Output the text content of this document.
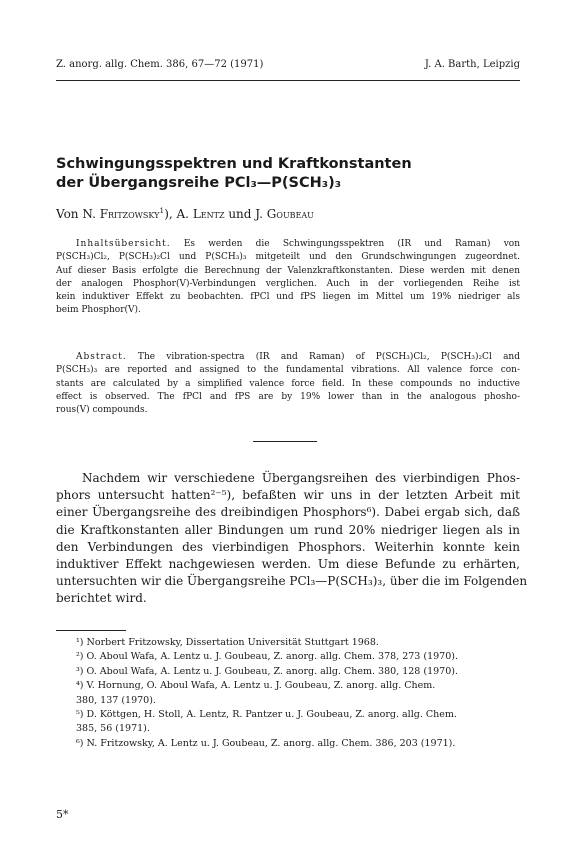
Z. anorg. allg. Chem. 386, 67—72 (1971)	J. A. Barth, Leipzig
Schwingungsspektren und Kraftkonstanten
der Übergangsreihe PCl₃—P(SCH₃)₃
Von N. Fritzowsky$^1$), A. Lentz und J. Goubeau
Inhaltsübersicht. Es werden die Schwingungsspektren (IR und Raman) von
P(SCH₃)Cl₂, P(SCH₃)₂Cl und P(SCH₃)₃ mitgeteilt und den Grundschwingungen zugeordnet.
Auf dieser Basis erfolgte die Berechnung der Valenzkraftkonstanten. Diese werden mit denen
der analogen Phosphor(V)-Verbindungen verglichen. Auch in der vorliegenden Reihe ist
kein induktiver Effekt zu beobachten. fPCl und fPS liegen im Mittel um 19% niedriger als
beim Phosphor(V).
Abstract. The vibration-spectra (IR and Raman) of P(SCH₃)Cl₂, P(SCH₃)₂Cl and
P(SCH₃)₃ are reported and assigned to the fundamental vibrations. All valence force con-
stants are calculated by a simplified valence force field. In these compounds no inductive
effect is observed. The fPCl and fPS are by 19% lower than in the analogous phosho-
rous(V) compounds.
Nachdem wir verschiedene Übergangsreihen des vierbindigen Phos-
phors untersucht hatten²⁻⁵), befaßten wir uns in der letzten Arbeit mit
einer Übergangsreihe des dreibindigen Phosphors⁶). Dabei ergab sich, daß
die Kraftkonstanten aller Bindungen um rund 20% niedriger liegen als in
den Verbindungen des vierbindigen Phosphors. Weiterhin konnte kein
induktiver Effekt nachgewiesen werden. Um diese Befunde zu erhärten,
untersuchten wir die Übergangsreihe PCl₃—P(SCH₃)₃, über die im Folgenden
berichtet wird.
¹) Norbert Fritzowsky, Dissertation Universität Stuttgart 1968.
²) O. Aboul Wafa, A. Lentz u. J. Goubeau, Z. anorg. allg. Chem. 378, 273 (1970).
³) O. Aboul Wafa, A. Lentz u. J. Goubeau, Z. anorg. allg. Chem. 380, 128 (1970).
⁴) V. Hornung, O. Aboul Wafa, A. Lentz u. J. Goubeau, Z. anorg. allg. Chem.
380, 137 (1970).
⁵) D. Köttgen, H. Stoll, A. Lentz, R. Pantzer u. J. Goubeau, Z. anorg. allg. Chem.
385, 56 (1971).
⁶) N. Fritzowsky, A. Lentz u. J. Goubeau, Z. anorg. allg. Chem. 386, 203 (1971).
5*
